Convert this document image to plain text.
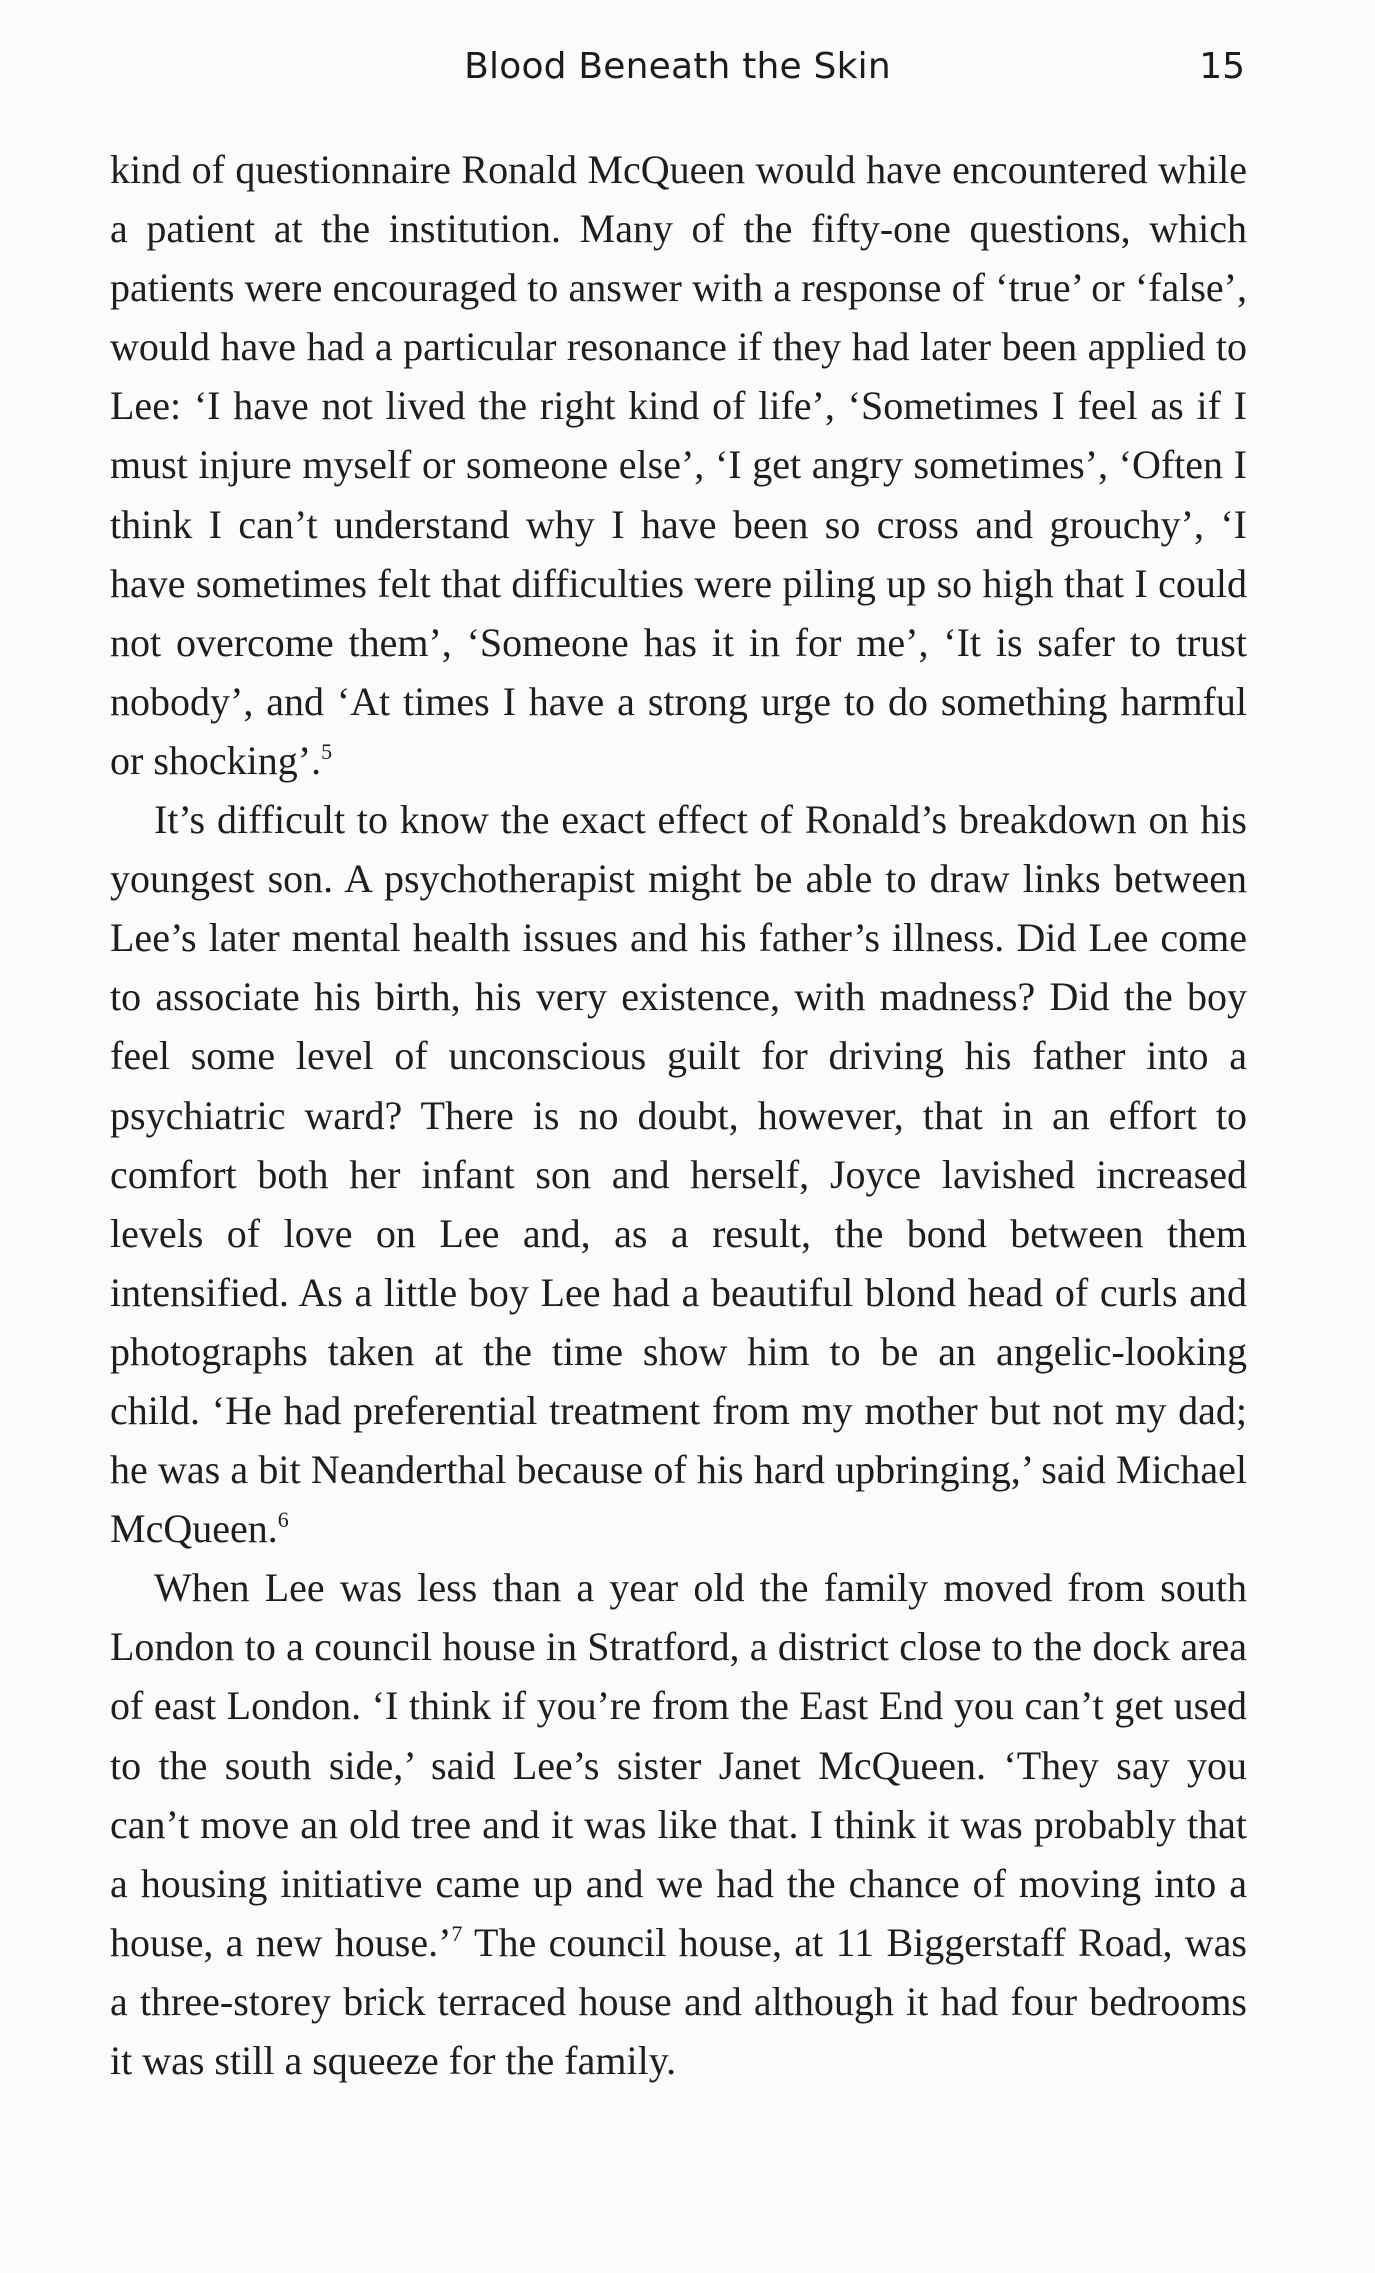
Blood Beneath the Skin	15

kind of questionnaire Ronald McQueen would have encountered while a patient at the institution. Many of the fifty-one questions, which patients were encouraged to answer with a response of ‘true’ or ‘false’, would have had a particular resonance if they had later been applied to Lee: ‘I have not lived the right kind of life’, ‘Sometimes I feel as if I must injure myself or someone else’, ‘I get angry sometimes’, ‘Often I think I can’t understand why I have been so cross and grouchy’, ‘I have sometimes felt that difficulties were piling up so high that I could not overcome them’, ‘Someone has it in for me’, ‘It is safer to trust nobody’, and ‘At times I have a strong urge to do something harmful or shocking’.$^5$

It’s difficult to know the exact effect of Ronald’s breakdown on his youngest son. A psychotherapist might be able to draw links between Lee’s later mental health issues and his father’s illness. Did Lee come to associate his birth, his very existence, with madness? Did the boy feel some level of unconscious guilt for driving his father into a psychiatric ward? There is no doubt, however, that in an effort to comfort both her infant son and herself, Joyce lavished increased levels of love on Lee and, as a result, the bond between them intensified. As a little boy Lee had a beautiful blond head of curls and photographs taken at the time show him to be an angelic-looking child. ‘He had preferential treatment from my mother but not my dad; he was a bit Neanderthal because of his hard upbringing,’ said Michael McQueen.$^6$

When Lee was less than a year old the family moved from south London to a council house in Stratford, a district close to the dock area of east London. ‘I think if you’re from the East End you can’t get used to the south side,’ said Lee’s sister Janet McQueen. ‘They say you can’t move an old tree and it was like that. I think it was probably that a housing initiative came up and we had the chance of moving into a house, a new house.’$^7$ The council house, at 11 Biggerstaff Road, was a three-storey brick terraced house and although it had four bedrooms it was still a squeeze for the family.
